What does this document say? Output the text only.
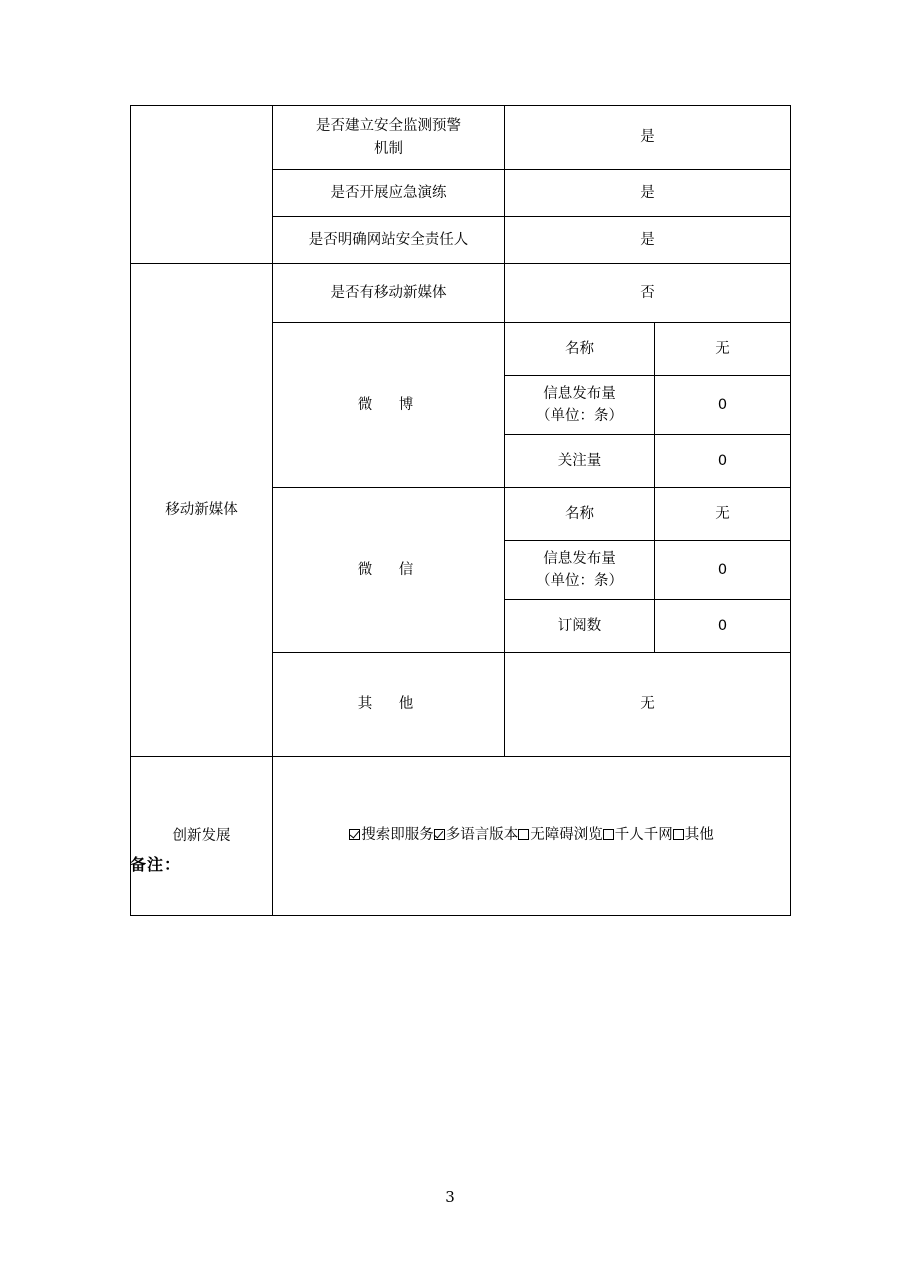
	是否建立安全监测预警
机制	是	
	是否开展应急演练	是	
	是否明确网站安全责任人	是	
移动新媒体	是否有移动新媒体	否	
	微　博	名称	无

		信息发布量
（单位：条）	0
		关注量	0
	微　信	名称	无

		信息发布量
（单位：条）	0
		订阅数	0
	其　他	无	
创新发展	搜索即服务 多语言版本 无障碍浏览 千人千网 其他		
备注：
3
